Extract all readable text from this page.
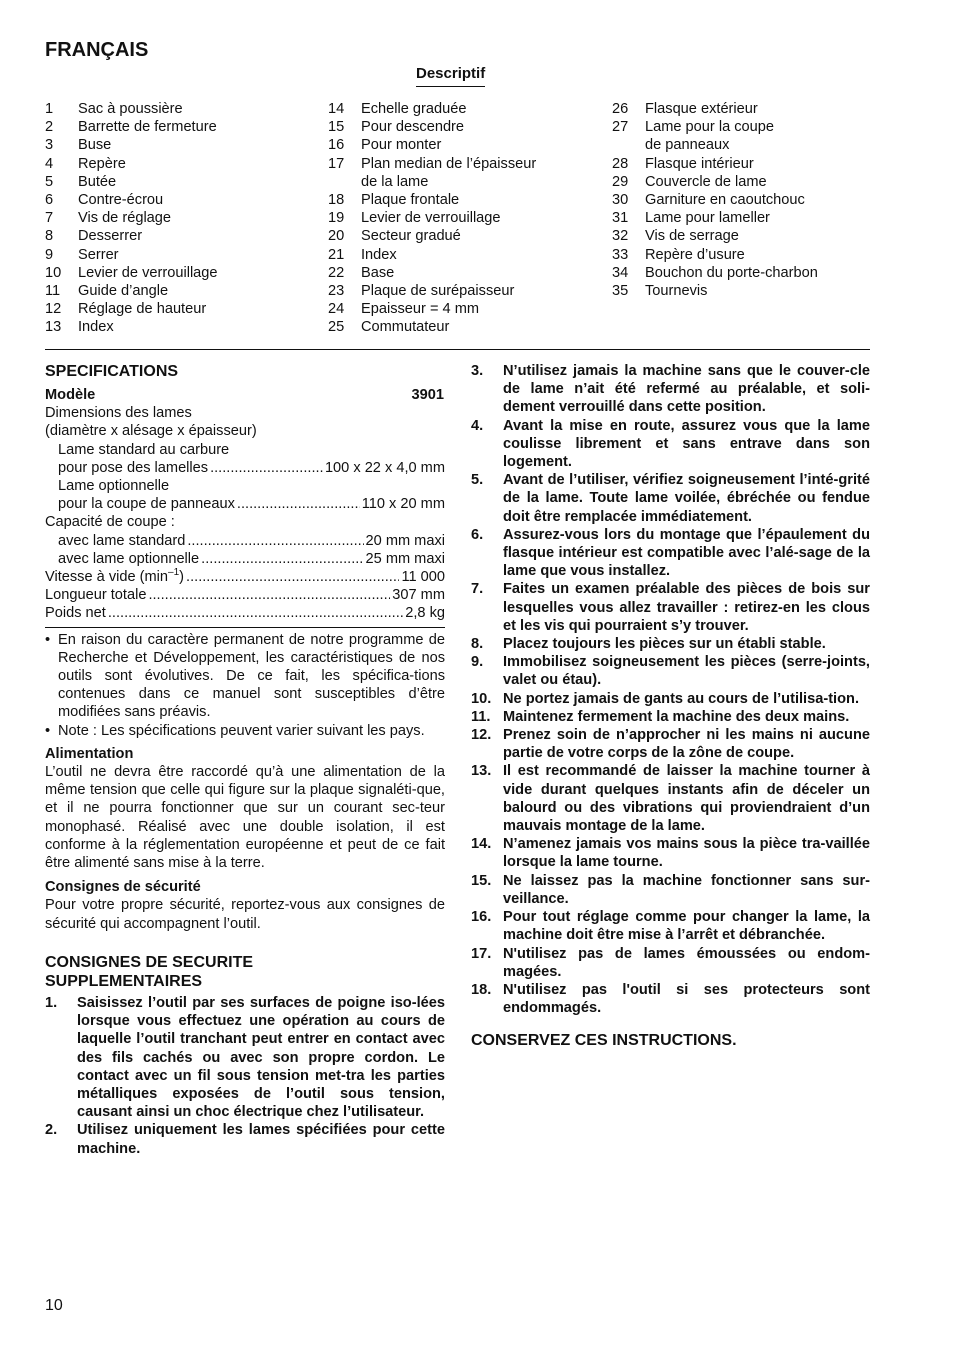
FRANÇAIS
Descriptif
1	Sac à poussière
2	Barrette de fermeture
3	Buse
4	Repère
5	Butée
6	Contre-écrou
7	Vis de réglage
8	Desserrer
9	Serrer
10	Levier de verrouillage
11	Guide d’angle
12	Réglage de hauteur
13	Index
14	Echelle graduée
15	Pour descendre
16	Pour monter
17	Plan median de l’épaisseur
de la lame
18	Plaque frontale
19	Levier de verrouillage
20	Secteur gradué
21	Index
22	Base
23	Plaque de surépaisseur
24	Epaisseur = 4 mm
25	Commutateur
26	Flasque extérieur
27	Lame pour la coupe
de panneaux
28	Flasque intérieur
29	Couvercle de lame
30	Garniture en caoutchouc
31	Lame pour lameller
32	Vis de serrage
33	Repère d’usure
34	Bouchon du porte-charbon
35	Tournevis
SPECIFICATIONS
Modèle	3901
Dimensions des lames
(diamètre x alésage x épaisseur)
Lame standard au carbure
pour pose des lamelles .....	100 x 22 x 4,0 mm
Lame optionnelle
pour la coupe de panneaux .....	110 x 20 mm
Capacité de coupe :
avec lame standard .....	20 mm maxi
avec lame optionnelle .....	25 mm maxi
Vitesse à vide $(\min^{-1})$ .....	11 000
Longueur totale .....	307 mm
Poids net .....	2,8 kg
• En raison du caractère permanent de notre programme de Recherche et Développement, les caractéristiques de nos outils sont évolutives. De ce fait, les spécifica-tions contenues dans ce manuel sont susceptibles d’être modifiées sans préavis.
• Note : Les spécifications peuvent varier suivant les pays.
Alimentation
L’outil ne devra être raccordé qu’à une alimentation de la même tension que celle qui figure sur la plaque signaléti-que, et il ne pourra fonctionner que sur un courant sec-teur monophasé. Réalisé avec une double isolation, il est conforme à la réglementation européenne et peut de ce fait être alimenté sans mise à la terre.
Consignes de sécurité
Pour votre propre sécurité, reportez-vous aux consignes de sécurité qui accompagnent l’outil.
CONSIGNES DE SECURITE
SUPPLEMENTAIRES
1.	Saisissez l’outil par ses surfaces de poigne iso-lées lorsque vous effectuez une opération au cours de laquelle l’outil tranchant peut entrer en contact avec des fils cachés ou avec son propre cordon. Le contact avec un fil sous tension met-tra les parties métalliques exposées de l’outil sous tension, causant ainsi un choc électrique chez l’utilisateur.
2.	Utilisez uniquement les lames spécifiées pour cette machine.
3.	N’utilisez jamais la machine sans que le couver-cle de lame n’ait été refermé au préalable, et soli-dement verrouillé dans cette position.
4.	Avant la mise en route, assurez vous que la lame coulisse librement et sans entrave dans son logement.
5.	Avant de l’utiliser, vérifiez soigneusement l’inté-grité de la lame. Toute lame voilée, ébréchée ou fendue doit être remplacée immédiatement.
6.	Assurez-vous lors du montage que l’épaulement du flasque intérieur est compatible avec l’alé-sage de la lame que vous installez.
7.	Faites un examen préalable des pièces de bois sur lesquelles vous allez travailler : retirez-en les clous et les vis qui pourraient s’y trouver.
8.	Placez toujours les pièces sur un établi stable.
9.	Immobilisez soigneusement les pièces (serre-joints, valet ou étau).
10. Ne portez jamais de gants au cours de l’utilisa-tion.
11. Maintenez fermement la machine des deux mains.
12. Prenez soin de n’approcher ni les mains ni aucune partie de votre corps de la zône de coupe.
13. Il est recommandé de laisser la machine tourner à vide durant quelques instants afin de déceler un balourd ou des vibrations qui proviendraient d’un mauvais montage de la lame.
14. N’amenez jamais vos mains sous la pièce tra-vaillée lorsque la lame tourne.
15. Ne laissez pas la machine fonctionner sans sur-veillance.
16. Pour tout réglage comme pour changer la lame, la machine doit être mise à l’arrêt et débranchée.
17. N'utilisez pas de lames émoussées ou endom-magées.
18. N'utilisez pas l'outil si ses protecteurs sont endommagés.
CONSERVEZ CES INSTRUCTIONS.
10
